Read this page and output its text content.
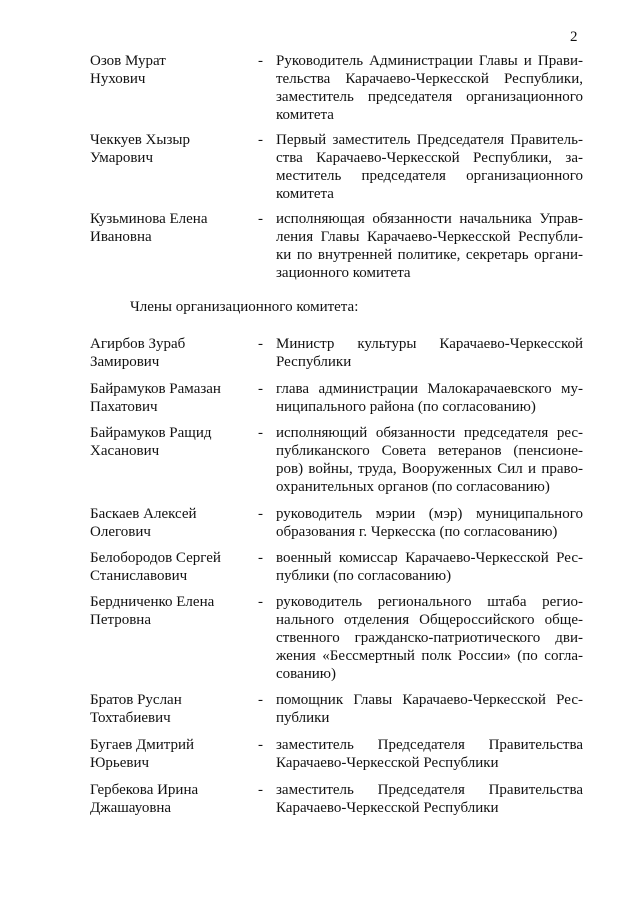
2
Озов Мурат
Нухович
- Руководитель Администрации Главы и Прави-
тельства Карачаево-Черкесской Республики,
заместитель председателя организационного
комитета
Чеккуев Хызыр
Умарович
- Первый заместитель Председателя Правитель-
ства Карачаево-Черкесской Республики, за-
меститель председателя организационного
комитета
Кузьминова Елена
Ивановна
- исполняющая обязанности начальника Управ-
ления Главы Карачаево-Черкесской Республи-
ки по внутренней политике, секретарь органи-
зационного комитета
Члены организационного комитета:
Агирбов Зураб
Замирович
- Министр культуры Карачаево-Черкесской
Республики
Байрамуков Рамазан
Пахатович
- глава администрации Малокарачаевского му-
ниципального района (по согласованию)
Байрамуков Ращид
Хасанович
- исполняющий обязанности председателя рес-
публиканского Совета ветеранов (пенсионе-
ров) войны, труда, Вооруженных Сил и право-
охранительных органов (по согласованию)
Баскаев Алексей
Олегович
- руководитель мэрии (мэр) муниципального
образования г. Черкесска (по согласованию)
Белобородов Сергей
Станиславович
- военный комиссар Карачаево-Черкесской Рес-
публики (по согласованию)
Бердниченко Елена
Петровна
- руководитель регионального штаба регио-
нального отделения Общероссийского обще-
ственного гражданско-патриотического дви-
жения «Бессмертный полк России» (по согла-
сованию)
Братов Руслан
Тохтабиевич
- помощник Главы Карачаево-Черкесской Рес-
публики
Бугаев Дмитрий
Юрьевич
- заместитель Председателя Правительства
Карачаево-Черкесской Республики
Гербекова Ирина
Джашауовна
- заместитель Председателя Правительства
Карачаево-Черкесской Республики
